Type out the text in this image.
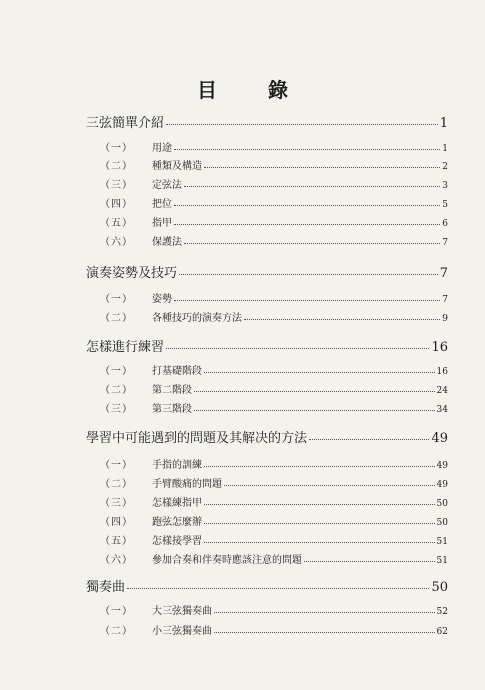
目 錄
三弦簡單介紹	1
（一）	用途	1
（二）	種類及構造	2
（三）	定弦法	3
（四）	把位	5
（五）	指甲	6
（六）	保護法	7
演奏姿勢及技巧	7
（一）	姿勢	7
（二）	各種技巧的演奏方法	9
怎樣進行練習	16
（一）	打基礎階段	16
（二）	第二階段	24
（三）	第三階段	34
學習中可能遇到的問題及其解决的方法	49
（一）	手指的訓練	49
（二）	手臂酸痛的問題	49
（三）	怎樣練指甲	50
（四）	跑弦怎麼辦	50
（五）	怎樣接學習	51
（六）	參加合奏和伴奏時應該注意的問題	51
獨奏曲	50
（一）	大三弦獨奏曲	52
（二）	小三弦獨奏曲	62
